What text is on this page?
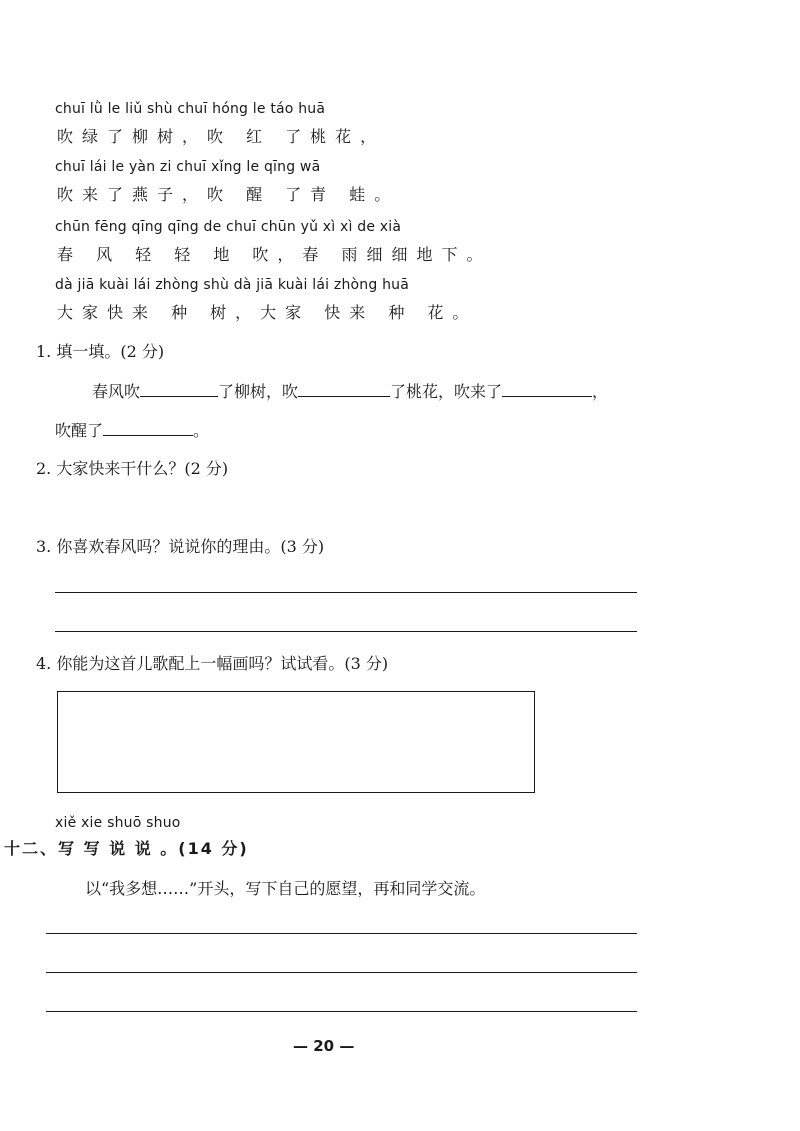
chuī lǜ le liǔ shù chuī hóng le táo huā
吹绿了柳树，吹 红 了桃花，
chuī lái le yàn zi chuī xǐng le qīng wā
吹来了燕子，吹 醒 了青 蛙。
chūn fēng qīng qīng de chuī chūn yǔ xì xì de xià
春 风 轻 轻 地 吹，春 雨细细地下。
dà jiā kuài lái zhòng shù dà jiā kuài lái zhòng huā
大家快来 种 树，大家 快来 种 花。
1. 填一填。(2 分)
春风吹	了柳树，吹	了桃花，吹来了	，
吹醒了	。
2. 大家快来干什么？(2 分)
3. 你喜欢春风吗？说说你的理由。(3 分)
4. 你能为这首儿歌配上一幅画吗？试试看。(3 分)
xiě xie shuō shuo
十二、写 写 说 说 。(14 分)
以“我多想……”开头，写下自己的愿望，再和同学交流。
— 20 —
